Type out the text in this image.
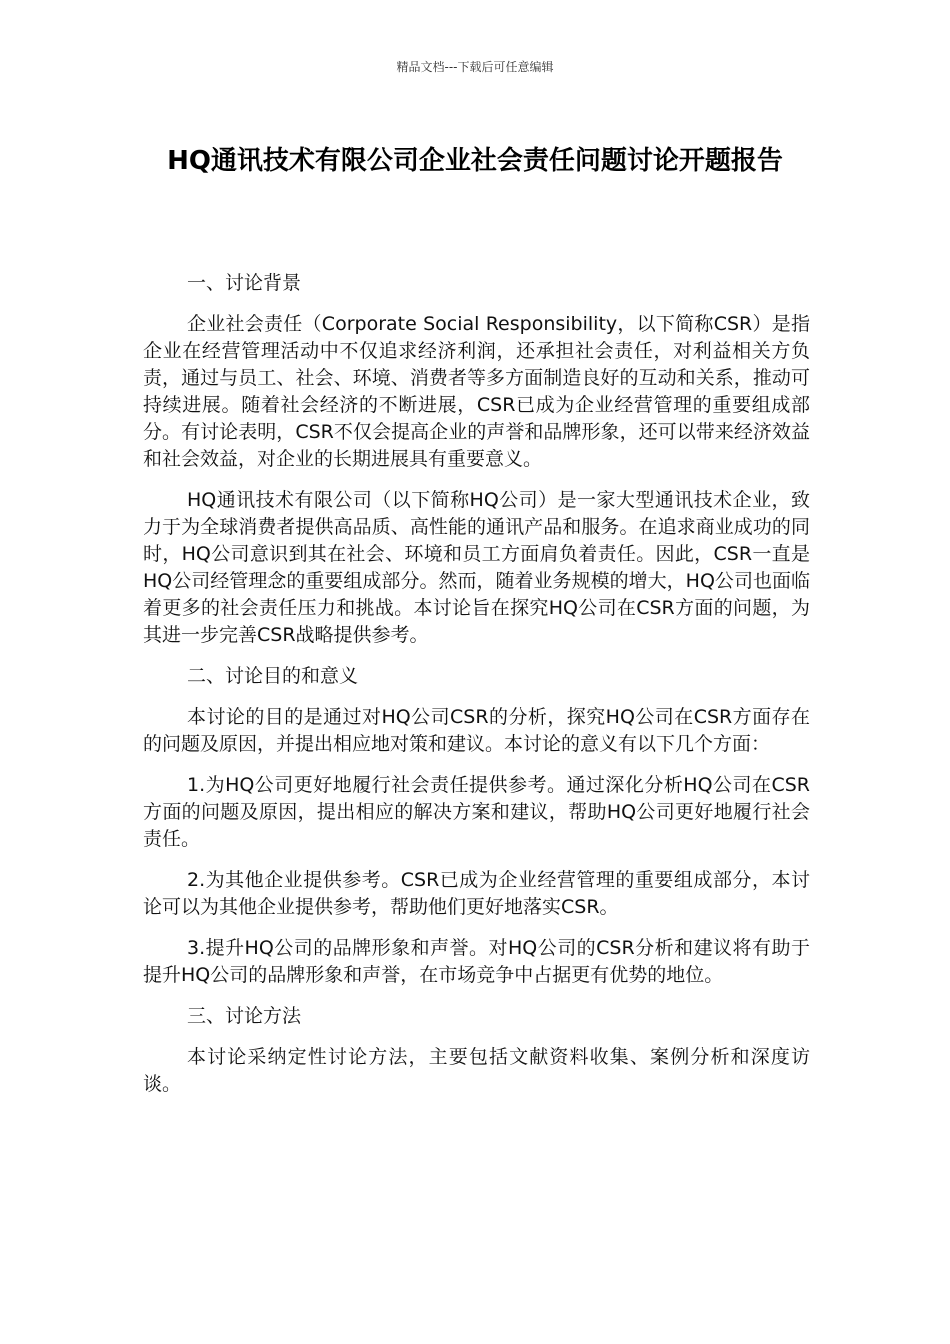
精品文档---下载后可任意编辑

HQ通讯技术有限公司企业社会责任问题讨论开题报告

一、讨论背景

企业社会责任（Corporate Social Responsibility，以下简称CSR）是指企业在经营管理活动中不仅追求经济利润，还承担社会责任，对利益相关方负责，通过与员工、社会、环境、消费者等多方面制造良好的互动和关系，推动可持续进展。随着社会经济的不断进展，CSR已成为企业经营管理的重要组成部分。有讨论表明，CSR不仅会提高企业的声誉和品牌形象，还可以带来经济效益和社会效益，对企业的长期进展具有重要意义。

HQ通讯技术有限公司（以下简称HQ公司）是一家大型通讯技术企业，致力于为全球消费者提供高品质、高性能的通讯产品和服务。在追求商业成功的同时，HQ公司意识到其在社会、环境和员工方面肩负着责任。因此，CSR一直是HQ公司经管理念的重要组成部分。然而，随着业务规模的增大，HQ公司也面临着更多的社会责任压力和挑战。本讨论旨在探究HQ公司在CSR方面的问题，为其进一步完善CSR战略提供参考。

二、讨论目的和意义

本讨论的目的是通过对HQ公司CSR的分析，探究HQ公司在CSR方面存在的问题及原因，并提出相应地对策和建议。本讨论的意义有以下几个方面：

1.为HQ公司更好地履行社会责任提供参考。通过深化分析HQ公司在CSR方面的问题及原因，提出相应的解决方案和建议，帮助HQ公司更好地履行社会责任。

2.为其他企业提供参考。CSR已成为企业经营管理的重要组成部分，本讨论可以为其他企业提供参考，帮助他们更好地落实CSR。

3.提升HQ公司的品牌形象和声誉。对HQ公司的CSR分析和建议将有助于提升HQ公司的品牌形象和声誉，在市场竞争中占据更有优势的地位。

三、讨论方法

本讨论采纳定性讨论方法，主要包括文献资料收集、案例分析和深度访谈。
